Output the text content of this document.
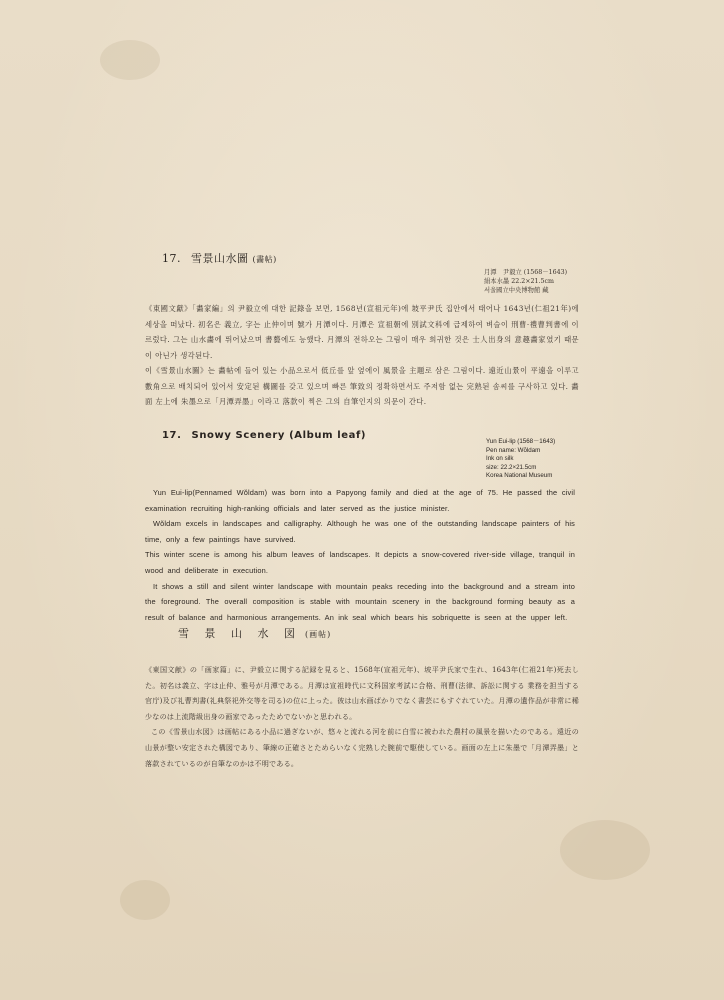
17. 雪景山水圖 (畵帖)
月潭　尹毅立 (1568－1643)
絹本水墨 22.2×21.5cm
서울國立中央博物館 藏

《東國文獻》「畵家編」의 尹毅立에 대한 記錄을 보면, 1568년(宣祖元年)에 坡平尹氏 집안에서 태어나 1643년(仁祖21年)에 세상을 떠났다. 初名은 義立, 字는 止仲이며 號가 月潭이다. 月潭은 宣祖朝에 別試文科에 급제하여 벼슬이 刑曹·禮曹判書에 이르렀다. 그는 山水畵에 뛰어났으며 書藝에도 능했다. 月潭의 전하오는 그림이 매우 희귀한 것은 士人出身의 意趣畵家였기 때문이 아닌가 생각된다.

이《雪景山水圖》는 畵帖에 들어 있는 小品으로서 低丘를 앞 옆에이 風景을 主題로 삼은 그림이다. 遠近山景이 平遠을 이루고 數角으로 배치되어 있어서 安定된 構圖를 갖고 있으며 빠른 筆致의 정확하면서도 주저함 없는 完熟된 솜씨를 구사하고 있다. 畵面 左上에 朱墨으로「月潭弄墨」이라고 落款이 찍은 그의 自筆인지의 의문이 간다.

17. Snowy Scenery (Album leaf)
Yun Eui-lip (1568－1643)
Pen name: Wŏldam
Ink on silk
size: 22.2×21.5cm
Korea National Museum

Yun Eui-lip(Pennamed Wŏldam) was born into a Papyong family and died at the age of 75. He passed the civil examination recruiting high-ranking officials and later served as the justice minister.

Wŏldam excels in landscapes and calligraphy. Although he was one of the outstanding landscape painters of his time, only a few paintings have survived.

This winter scene is among his album leaves of landscapes. It depicts a snow-covered river-side village, tranquil in wood and deliberate in execution.

It shows a still and silent winter landscape with mountain peaks receding into the background and a stream into the foreground. The overall composition is stable with mountain scenery in the background forming beauty as a result of balance and harmonious arrangements. An ink seal which bears his sobriquette is seen at the upper left.

雪 景 山 水 図 (画帖)

《東国文献》の「画家篇」に、尹毅立に関する記録を見ると、1568年(宣祖元年)、坡平尹氏家で生れ、1643年(仁祖21年)死去した。初名は義立、字は止仲、雅号が月潭である。月潭は宣祖時代に文科国家考試に合格、刑曹(法律、訴訟に関する 業務を担当する官庁)及び礼曹判書(礼典祭祀外交等を司る)の位に上った。彼は山水画ばかりでなく書芸にもすぐれていた。月潭の遺作品が非常に稀少なのは上流階級出身の画家であったためでないかと思われる。

この《雪景山水図》は画帖にある小品に過ぎないが、悠々と流れる河を前に白雪に被われた農村の風景を描いたのである。遠近の山景が整い安定された構図であり、筆線の正確さとためらいなく完熟した腕前で駆使している。画面の左上に朱墨で「月潭弄墨」と落款されているのが自筆なのかは不明である。
